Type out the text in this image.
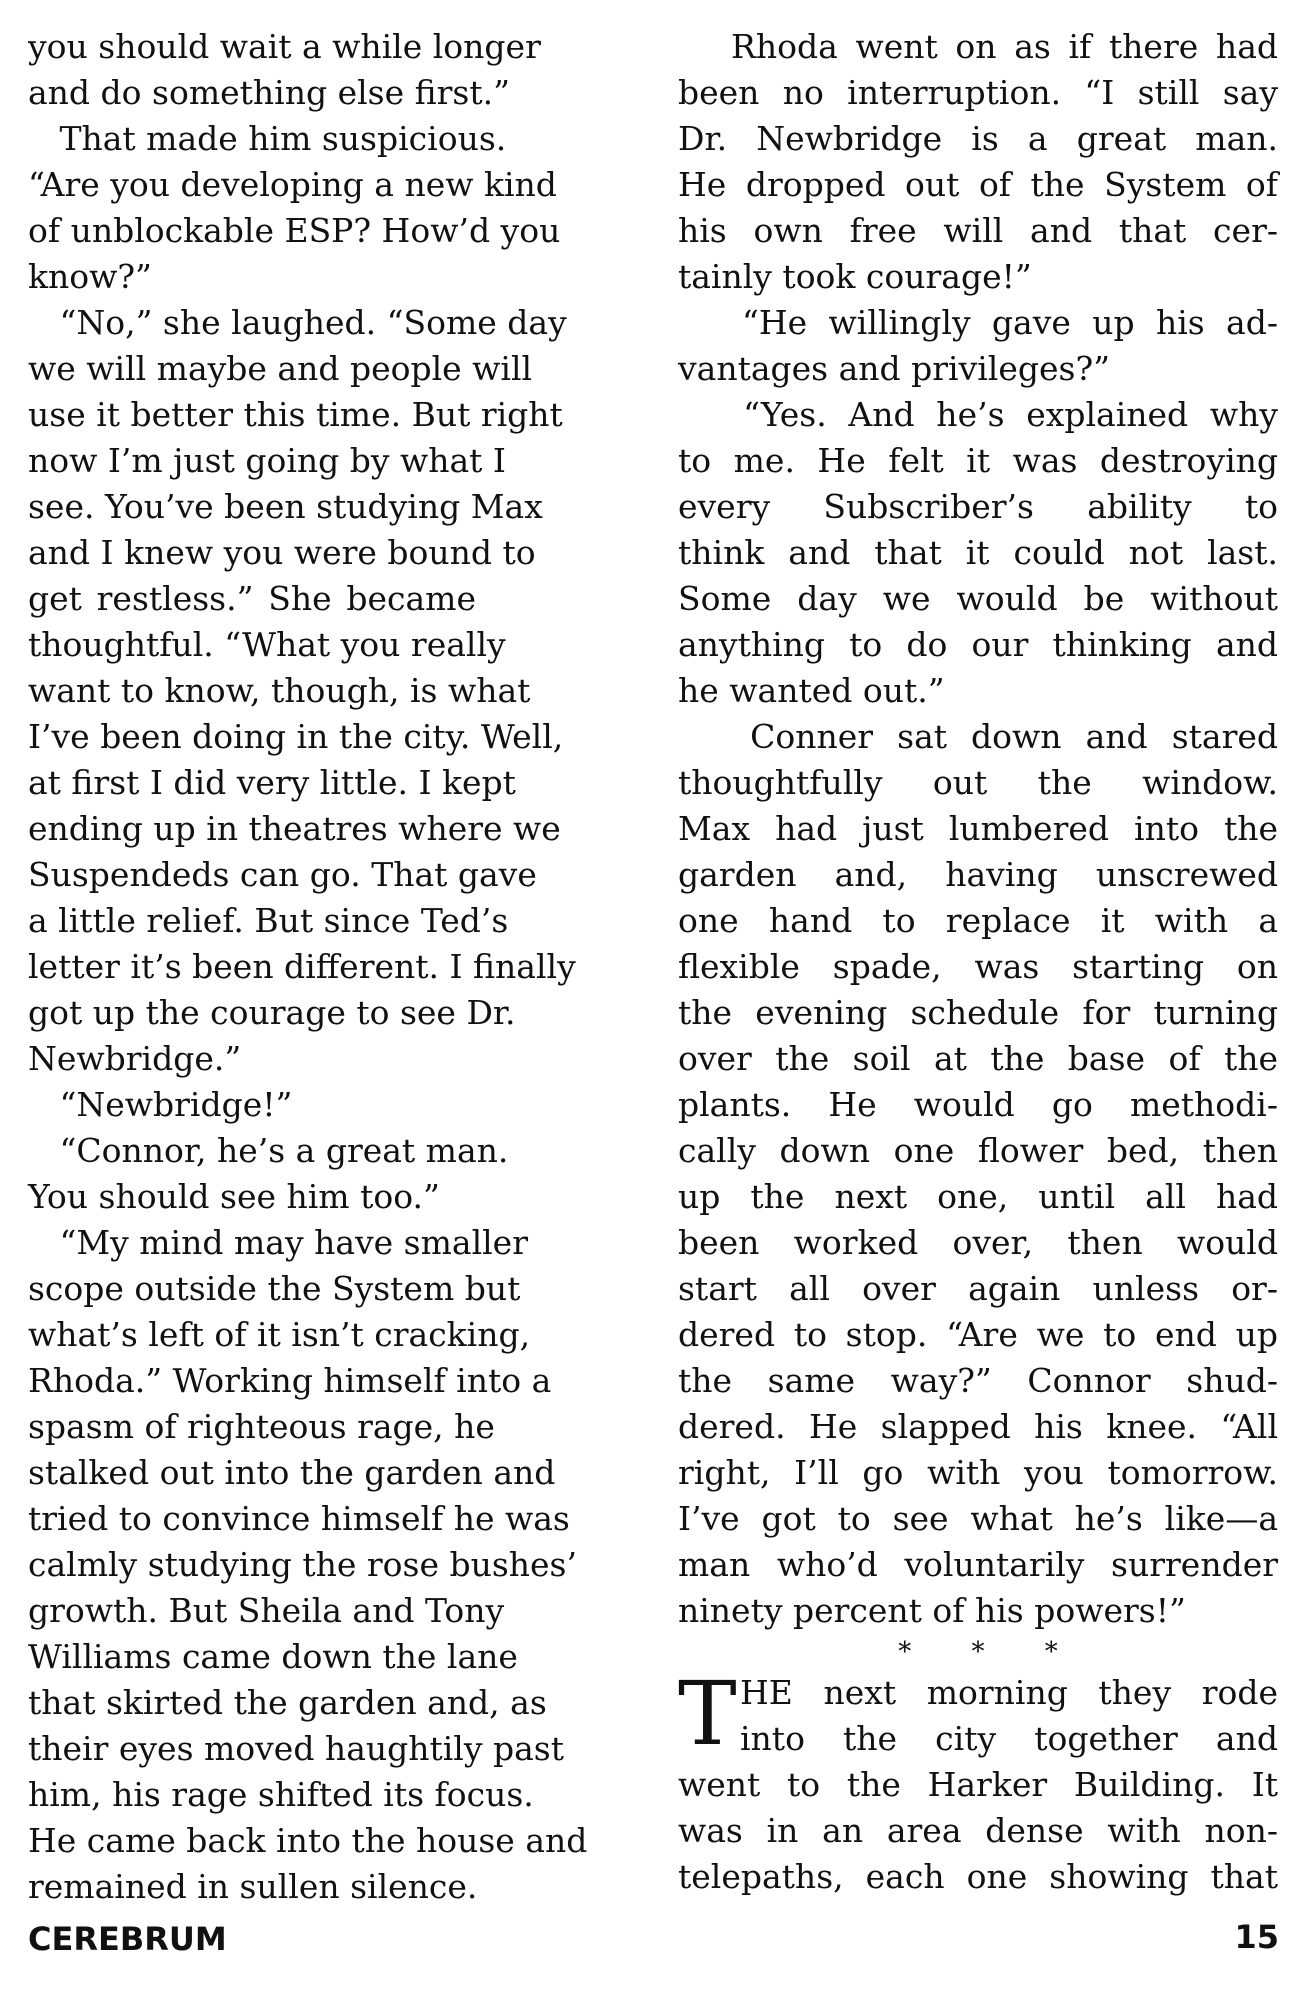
you should wait a while longer
and do something else first.”
That made him suspicious.
“Are you developing a new kind
of unblockable ESP? How’d you
know?”
“No,” she laughed. “Some day
we will maybe and people will
use it better this time. But right
now I’m just going by what I
see. You’ve been studying Max
and I knew you were bound to
get restless.” She became
thoughtful. “What you really
want to know, though, is what
I’ve been doing in the city. Well,
at first I did very little. I kept
ending up in theatres where we
Suspendeds can go. That gave
a little relief. But since Ted’s
letter it’s been different. I finally
got up the courage to see Dr.
Newbridge.”
“Newbridge!”
“Connor, he’s a great man.
You should see him too.”
“My mind may have smaller
scope outside the System but
what’s left of it isn’t cracking,
Rhoda.” Working himself into a
spasm of righteous rage, he
stalked out into the garden and
tried to convince himself he was
calmly studying the rose bushes’
growth. But Sheila and Tony
Williams came down the lane
that skirted the garden and, as
their eyes moved haughtily past
him, his rage shifted its focus.
He came back into the house and
remained in sullen silence.
Rhoda went on as if there had
been no interruption. “I still say
Dr. Newbridge is a great man.
He dropped out of the System of
his own free will and that cer-
tainly took courage!”
“He willingly gave up his ad-
vantages and privileges?”
“Yes. And he’s explained why
to me. He felt it was destroying
every Subscriber’s ability to
think and that it could not last.
Some day we would be without
anything to do our thinking and
he wanted out.”
Conner sat down and stared
thoughtfully out the window.
Max had just lumbered into the
garden and, having unscrewed
one hand to replace it with a
flexible spade, was starting on
the evening schedule for turning
over the soil at the base of the
plants. He would go methodi-
cally down one flower bed, then
up the next one, until all had
been worked over, then would
start all over again unless or-
dered to stop. “Are we to end up
the same way?” Connor shud-
dered. He slapped his knee. “All
right, I’ll go with you tomorrow.
I’ve got to see what he’s like—a
man who’d voluntarily surrender
ninety percent of his powers!”
* * *
T HE next morning they rode
into the city together and
went to the Harker Building. It
was in an area dense with non-
telepaths, each one showing that
CEREBRUM	15
